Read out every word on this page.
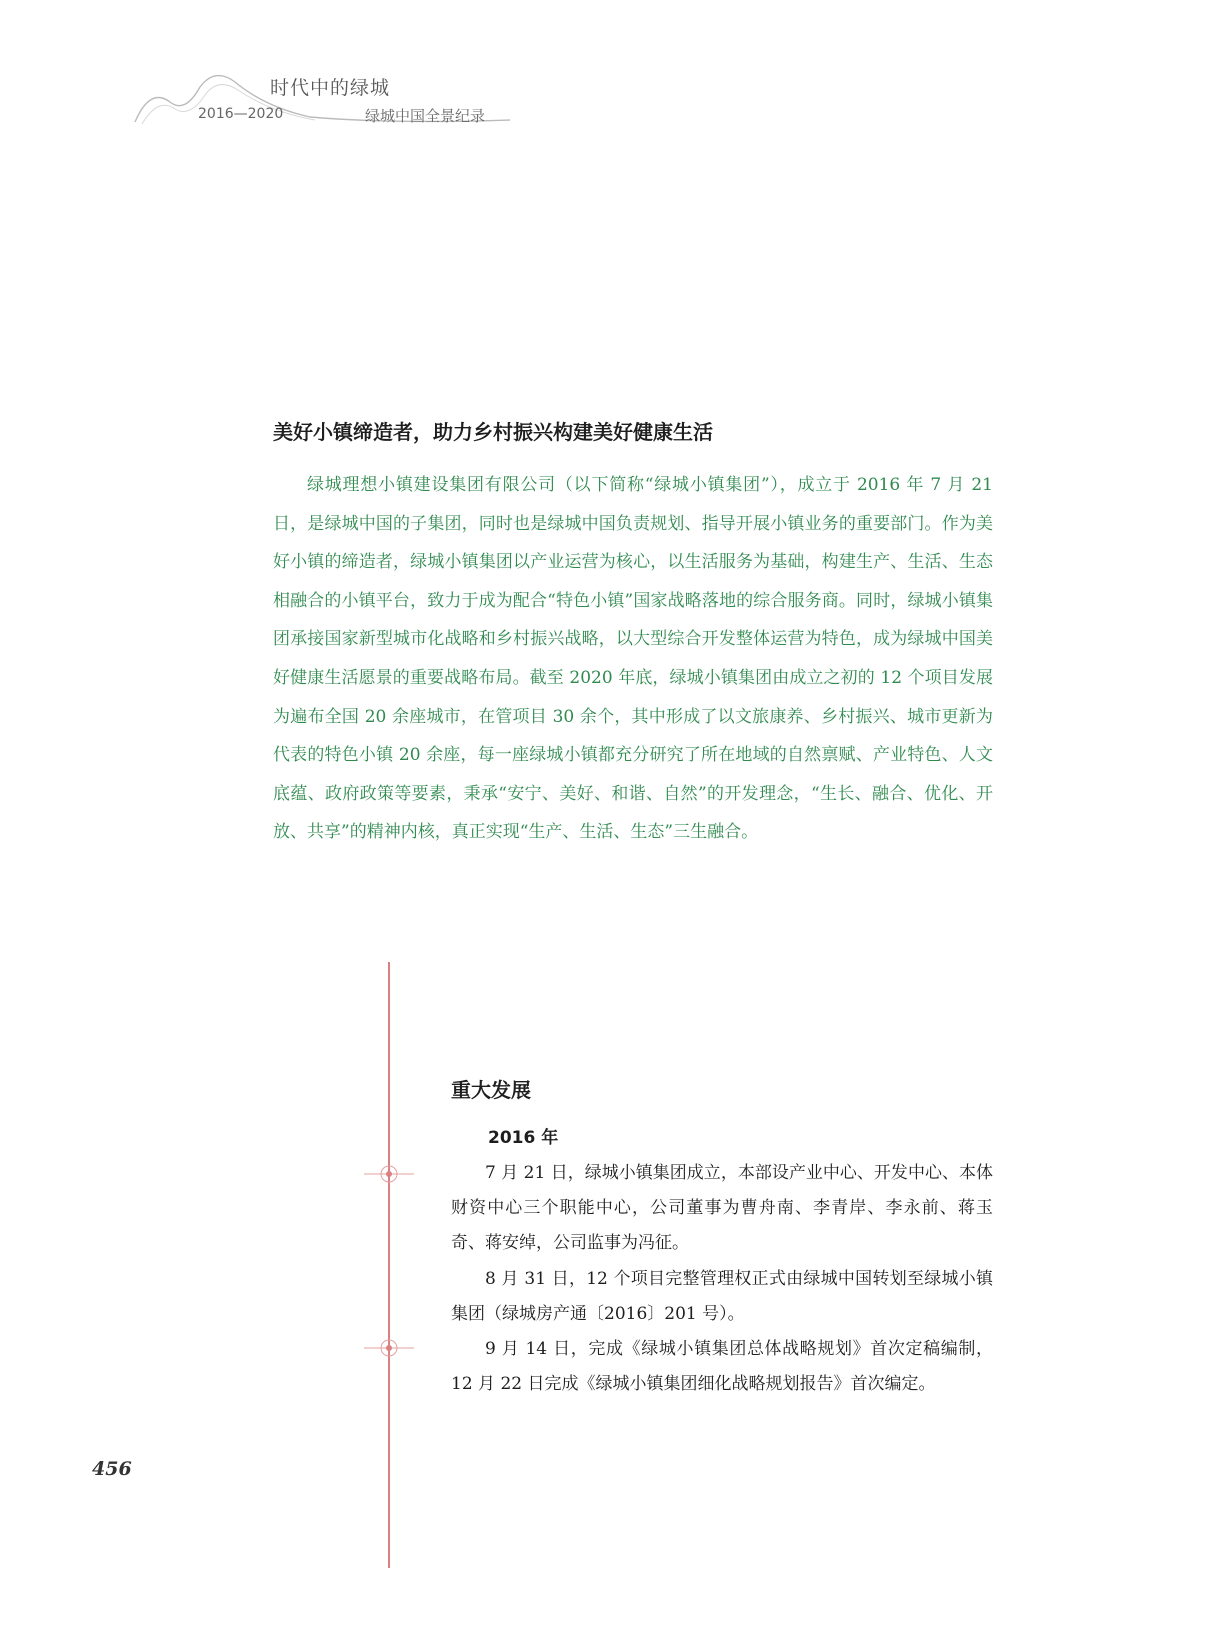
时代中的绿城
2016—2020	绿城中国全景纪录
美好小镇缔造者，助力乡村振兴构建美好健康生活

绿城理想小镇建设集团有限公司（以下简称“绿城小镇集团”），成立于 2016 年 7 月 21 日，是绿城中国的子集团，同时也是绿城中国负责规划、指导开展小镇业务的重要部门。作为美好小镇的缔造者，绿城小镇集团以产业运营为核心，以生活服务为基础，构建生产、生活、生态相融合的小镇平台，致力于成为配合“特色小镇”国家战略落地的综合服务商。同时，绿城小镇集团承接国家新型城市化战略和乡村振兴战略，以大型综合开发整体运营为特色，成为绿城中国美好健康生活愿景的重要战略布局。截至 2020 年底，绿城小镇集团由成立之初的 12 个项目发展为遍布全国 20 余座城市，在管项目 30 余个，其中形成了以文旅康养、乡村振兴、城市更新为代表的特色小镇 20 余座，每一座绿城小镇都充分研究了所在地域的自然禀赋、产业特色、人文底蕴、政府政策等要素，秉承“安宁、美好、和谐、自然”的开发理念，“生长、融合、优化、开放、共享”的精神内核，真正实现“生产、生活、生态”三生融合。

重大发展
2016 年

7 月 21 日，绿城小镇集团成立，本部设产业中心、开发中心、本体财资中心三个职能中心，公司董事为曹舟南、李青岸、李永前、蒋玉奇、蒋安绰，公司监事为冯征。

8 月 31 日，12 个项目完整管理权正式由绿城中国转划至绿城小镇集团（绿城房产通〔2016〕201 号）。

9 月 14 日，完成《绿城小镇集团总体战略规划》首次定稿编制，12 月 22 日完成《绿城小镇集团细化战略规划报告》首次编定。

456
